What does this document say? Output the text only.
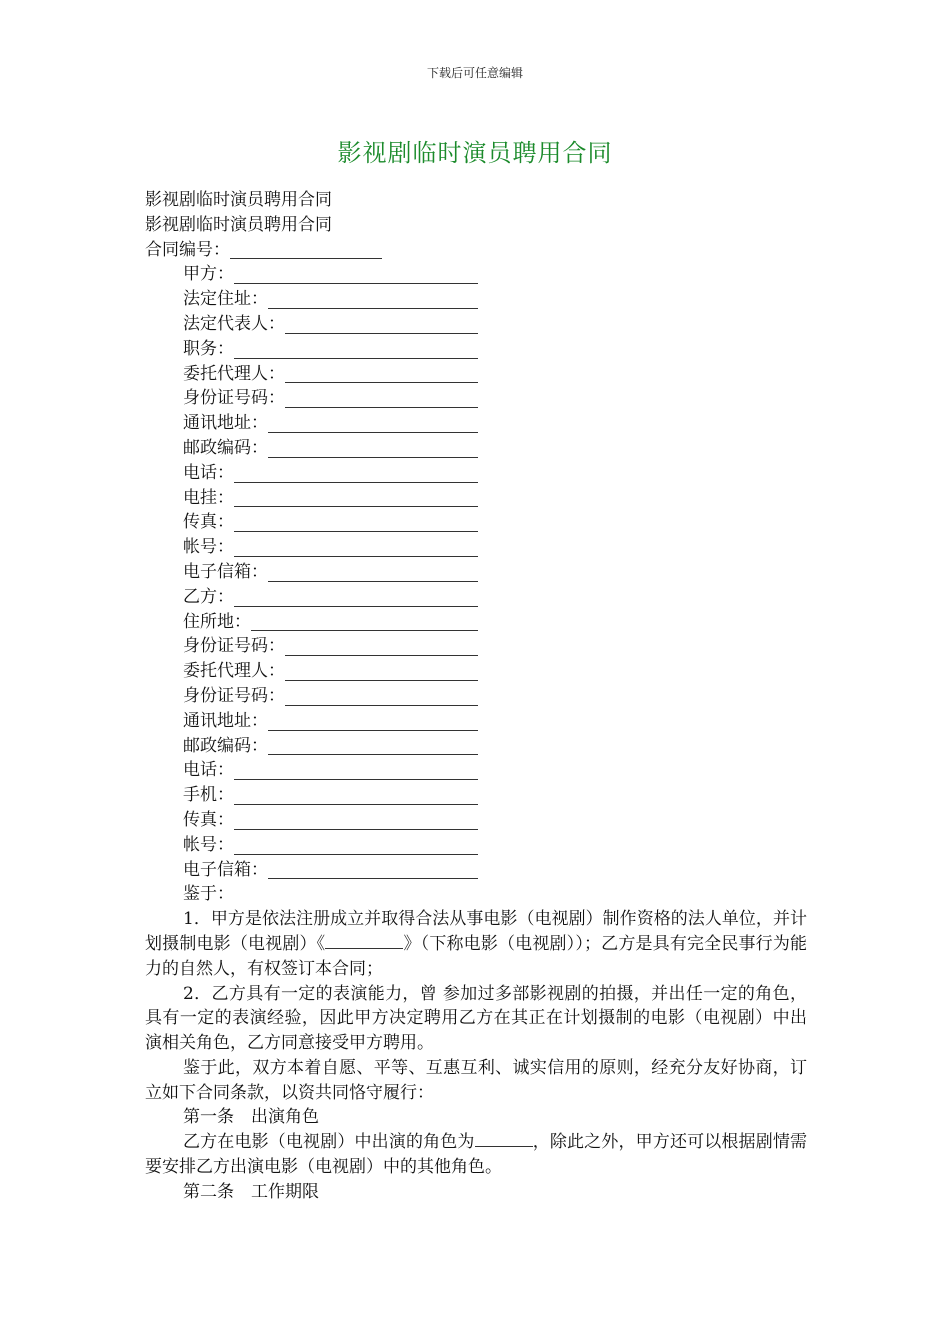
下载后可任意编辑
影视剧临时演员聘用合同
影视剧临时演员聘用合同
影视剧临时演员聘用合同
合同编号：
甲方：
法定住址：
法定代表人：
职务：
委托代理人：
身份证号码：
通讯地址：
邮政编码：
电话：
电挂：
传真：
帐号：
电子信箱：
乙方：
住所地：
身份证号码：
委托代理人：
身份证号码：
通讯地址：
邮政编码：
电话：
手机：
传真：
帐号：
电子信箱：
鉴于：
1．甲方是依法注册成立并取得合法从事电影（电视剧）制作资格的法人单位，并计划摄制电影（电视剧）《	》（下称电影（电视剧））；乙方是具有完全民事行为能力的自然人，有权签订本合同；
2．乙方具有一定的表演能力，曾 参加过多部影视剧的拍摄，并出任一定的角色，具有一定的表演经验，因此甲方决定聘用乙方在其正在计划摄制的电影（电视剧）中出演相关角色，乙方同意接受甲方聘用。
鉴于此，双方本着自愿、平等、互惠互利、诚实信用的原则，经充分友好协商，订立如下合同条款，以资共同恪守履行：
第一条　出演角色
乙方在电影（电视剧）中出演的角色为	，除此之外，甲方还可以根据剧情需要安排乙方出演电影（电视剧）中的其他角色。
第二条　工作期限
